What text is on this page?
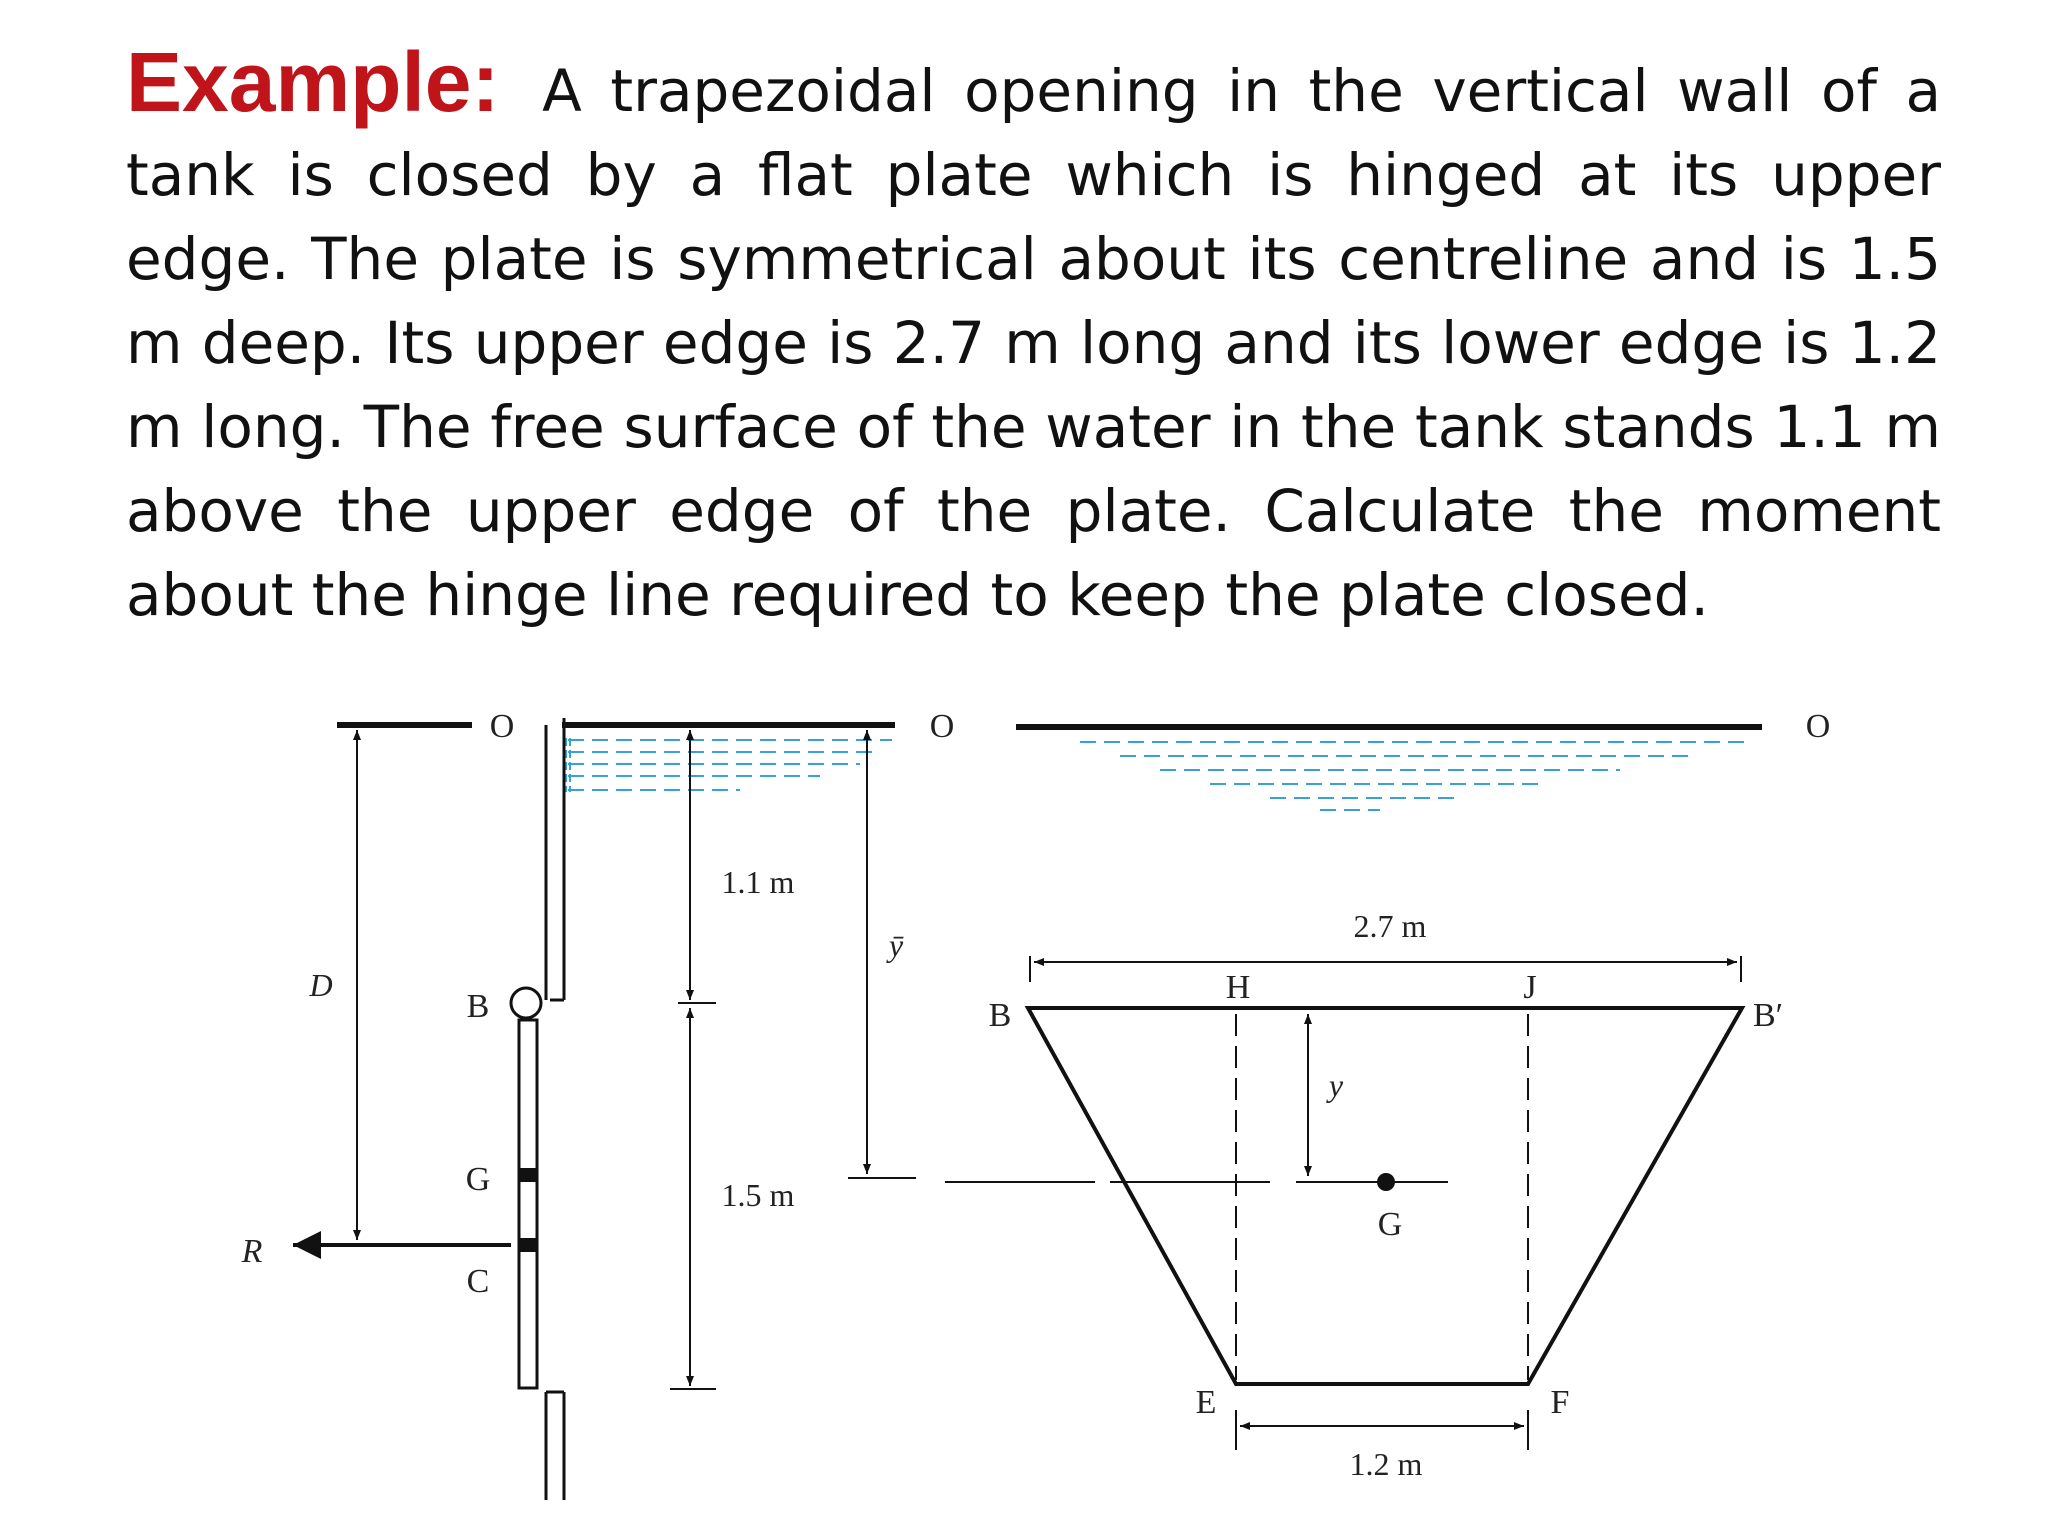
Example: A trapezoidal opening in the vertical wall of a tank is closed by a flat plate which is hinged at its upper edge. The plate is symmetrical about its centreline and is 1.5 m deep. Its upper edge is 2.7 m long and its lower edge is 1.2 m long. The free surface of the water in the tank stands 1.1 m above the upper edge of the plate. Calculate the moment about the hinge line required to keep the plate closed.
O	O
B
G
C
R
D
1.1 m
1.5 m
ȳ
O
2.7 m
G
y
B	B′
H	J
E	F
1.2 m
